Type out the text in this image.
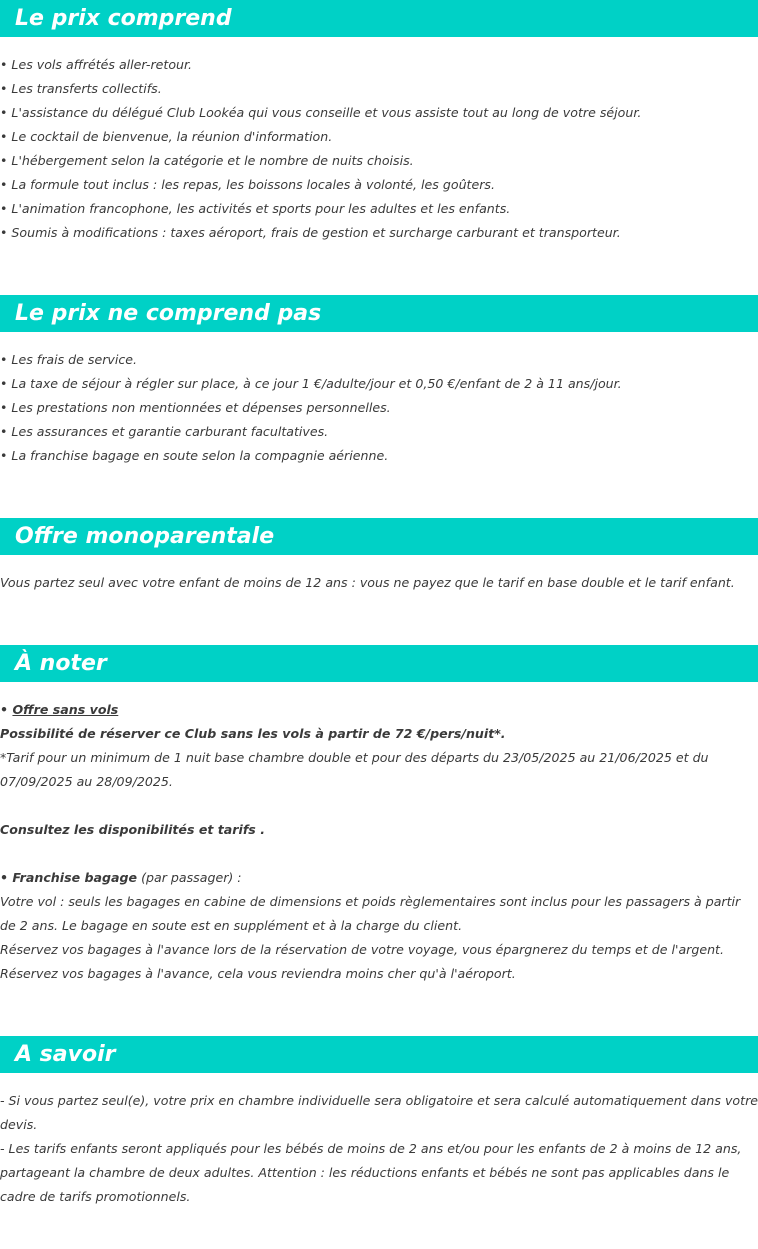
Le prix comprend

• Les vols affrétés aller-retour.

• Les transferts collectifs.

• L'assistance du délégué Club Lookéa qui vous conseille et vous assiste tout au long de votre séjour.

• Le cocktail de bienvenue, la réunion d'information.

• L'hébergement selon la catégorie et le nombre de nuits choisis.

• La formule tout inclus : les repas, les boissons locales à volonté, les goûters.

• L'animation francophone, les activités et sports pour les adultes et les enfants.

• Soumis à modifications : taxes aéroport, frais de gestion et surcharge carburant et transporteur.

Le prix ne comprend pas

• Les frais de service.

• La taxe de séjour à régler sur place, à ce jour 1 €/adulte/jour et 0,50 €/enfant de 2 à 11 ans/jour.

• Les prestations non mentionnées et dépenses personnelles.

• Les assurances et garantie carburant facultatives.

• La franchise bagage en soute selon la compagnie aérienne.

Offre monoparentale

Vous partez seul avec votre enfant de moins de 12 ans : vous ne payez que le tarif en base double et le tarif enfant.

À noter

• Offre sans vols

Possibilité de réserver ce Club sans les vols à partir de 72 €/pers/nuit*.

*Tarif pour un minimum de 1 nuit base chambre double et pour des départs du 23/05/2025 au 21/06/2025 et du 07/09/2025 au 28/09/2025.

Consultez les disponibilités et tarifs .

• Franchise bagage (par passager) :

Votre vol : seuls les bagages en cabine de dimensions et poids règlementaires sont inclus pour les passagers à partir de 2 ans. Le bagage en soute est en supplément et à la charge du client.

Réservez vos bagages à l'avance lors de la réservation de votre voyage, vous épargnerez du temps et de l'argent.

Réservez vos bagages à l'avance, cela vous reviendra moins cher qu'à l'aéroport.

A savoir

- Si vous partez seul(e), votre prix en chambre individuelle sera obligatoire et sera calculé automatiquement dans votre devis.

- Les tarifs enfants seront appliqués pour les bébés de moins de 2 ans et/ou pour les enfants de 2 à moins de 12 ans, partageant la chambre de deux adultes. Attention : les réductions enfants et bébés ne sont pas applicables dans le cadre de tarifs promotionnels.
